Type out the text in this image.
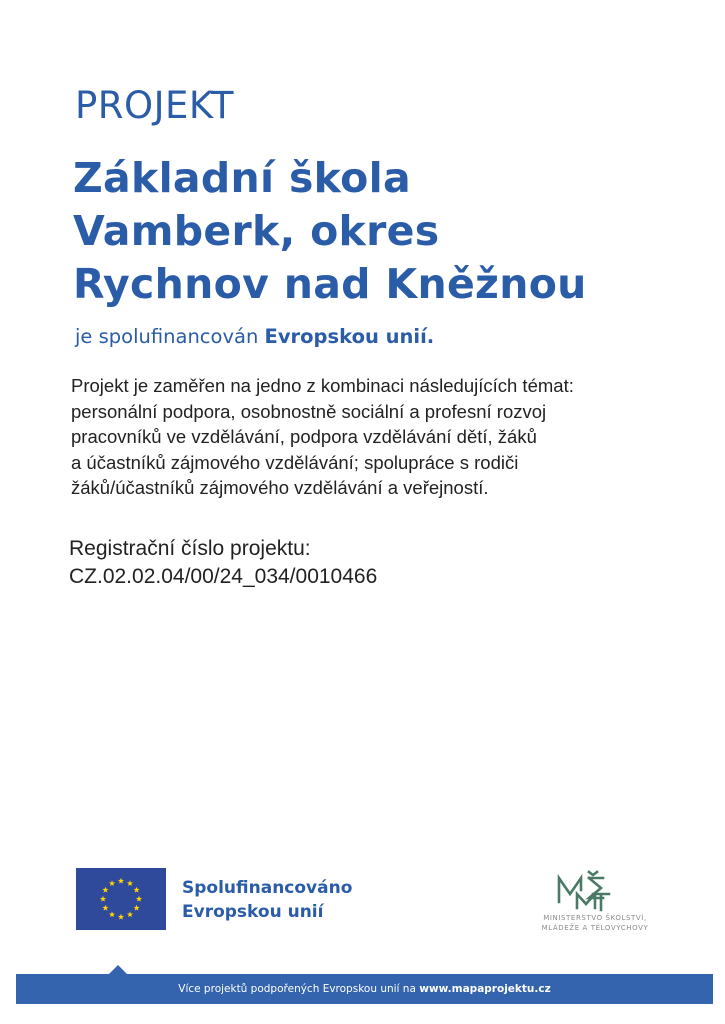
PROJEKT
Základní škola
Vamberk, okres
Rychnov nad Kněžnou
je spolufinancován Evropskou unií.

Projekt je zaměřen na jedno z kombinaci následujících témat:
personální podpora, osobnostně sociální a profesní rozvoj
pracovníků ve vzdělávání, podpora vzdělávání dětí, žáků
a účastníků zájmového vzdělávání; spolupráce s rodiči
žáků/účastníků zájmového vzdělávání a veřejností.

Registrační číslo projektu:
CZ.02.02.04/00/24_034/0010466
Spolufinancováno
Evropskou unií	MINISTERSTVO ŠKOLSTVÍ,
MLÁDEŽE A TĚLOVÝCHOVY
Více projektů podpořených Evropskou unií na www.mapaprojektu.cz
